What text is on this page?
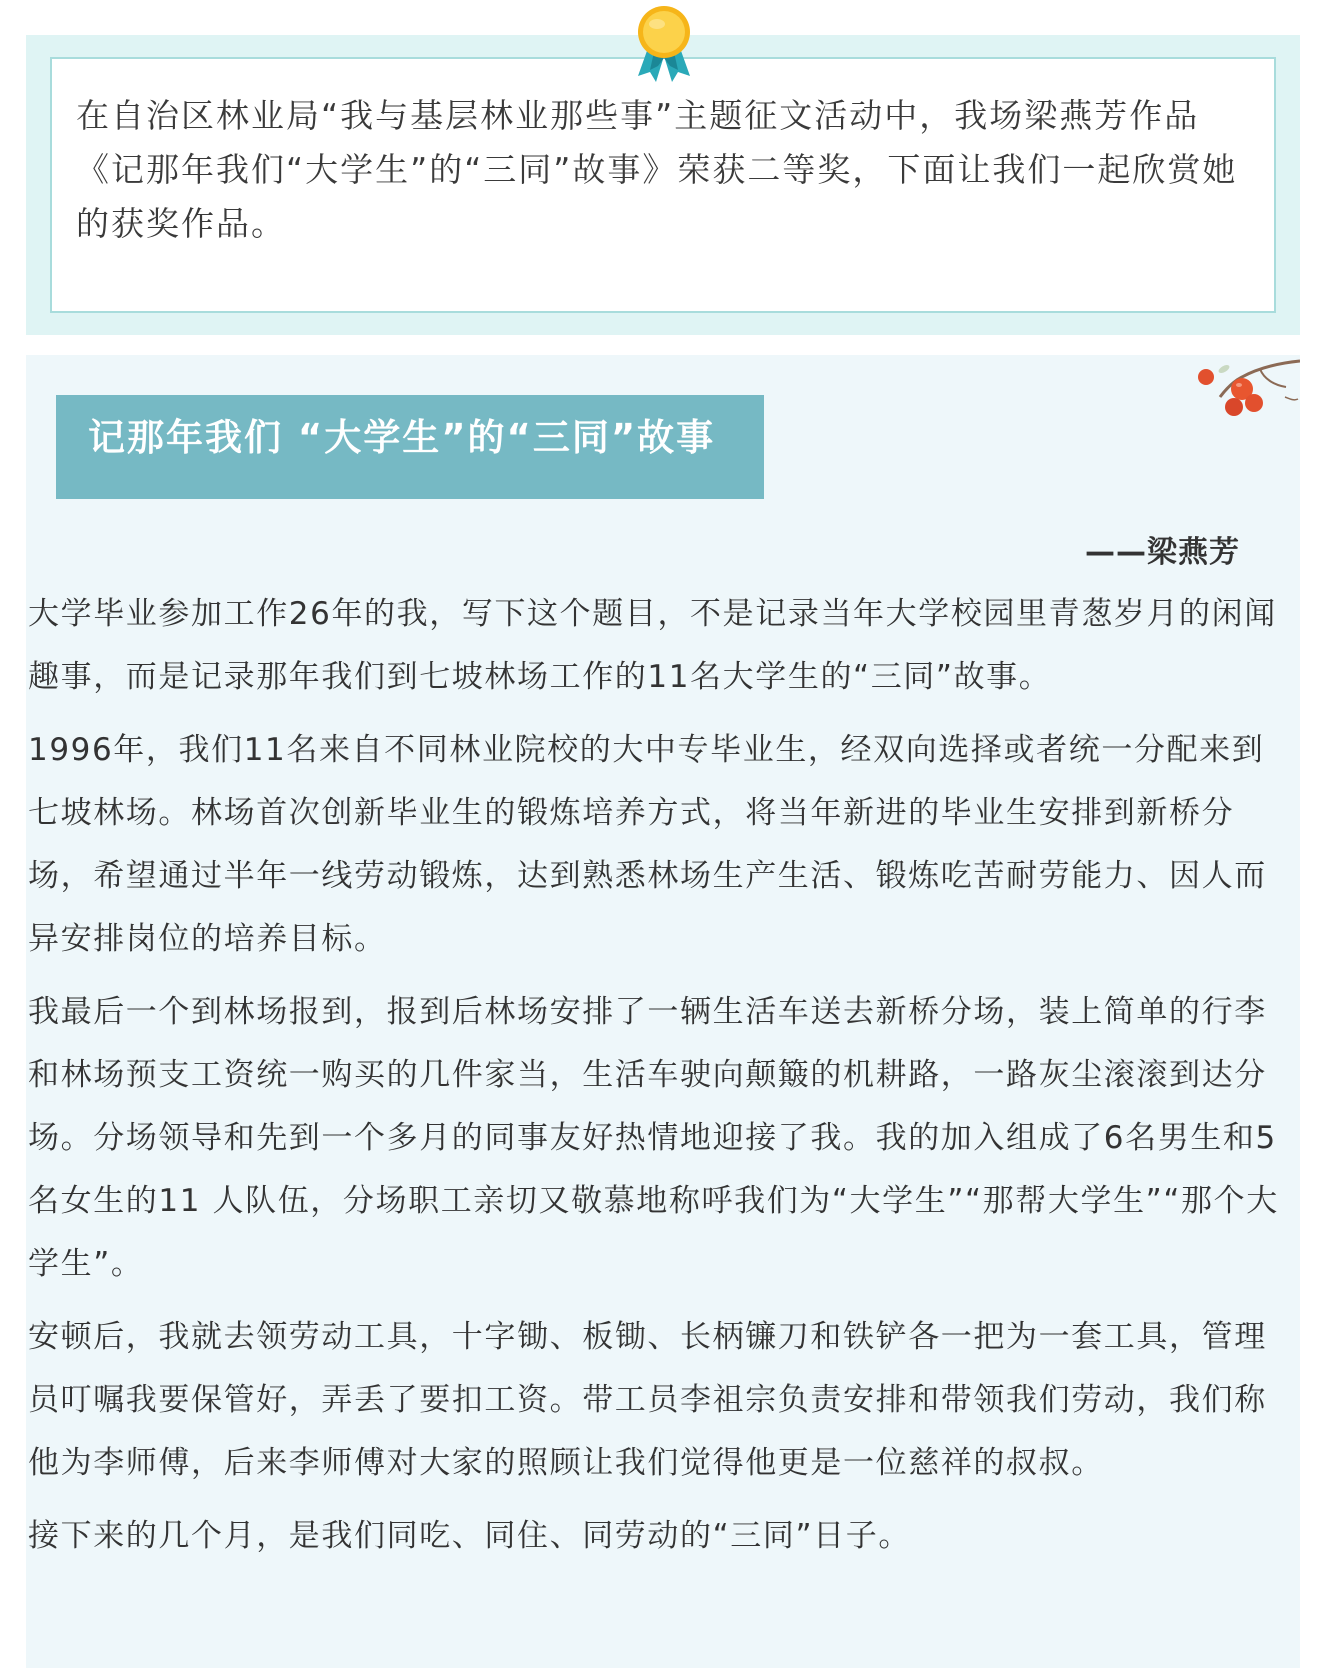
在自治区林业局“我与基层林业那些事”主题征文活动中，我场梁燕芳作品《记那年我们“大学生”的“三同”故事》荣获二等奖，下面让我们一起欣赏她的获奖作品。

记那年我们 “大学生”的“三同”故事

——梁燕芳

大学毕业参加工作26年的我，写下这个题目，不是记录当年大学校园里青葱岁月的闲闻趣事，而是记录那年我们到七坡林场工作的11名大学生的“三同”故事。

1996年，我们11名来自不同林业院校的大中专毕业生，经双向选择或者统一分配来到七坡林场。林场首次创新毕业生的锻炼培养方式，将当年新进的毕业生安排到新桥分场，希望通过半年一线劳动锻炼，达到熟悉林场生产生活、锻炼吃苦耐劳能力、因人而异安排岗位的培养目标。

我最后一个到林场报到，报到后林场安排了一辆生活车送去新桥分场，装上简单的行李和林场预支工资统一购买的几件家当，生活车驶向颠簸的机耕路，一路灰尘滚滚到达分场。分场领导和先到一个多月的同事友好热情地迎接了我。我的加入组成了6名男生和5名女生的11 人队伍，分场职工亲切又敬慕地称呼我们为“大学生”“那帮大学生”“那个大学生”。

安顿后，我就去领劳动工具，十字锄、板锄、长柄镰刀和铁铲各一把为一套工具，管理员叮嘱我要保管好，弄丢了要扣工资。带工员李祖宗负责安排和带领我们劳动，我们称他为李师傅，后来李师傅对大家的照顾让我们觉得他更是一位慈祥的叔叔。

接下来的几个月，是我们同吃、同住、同劳动的“三同”日子。
